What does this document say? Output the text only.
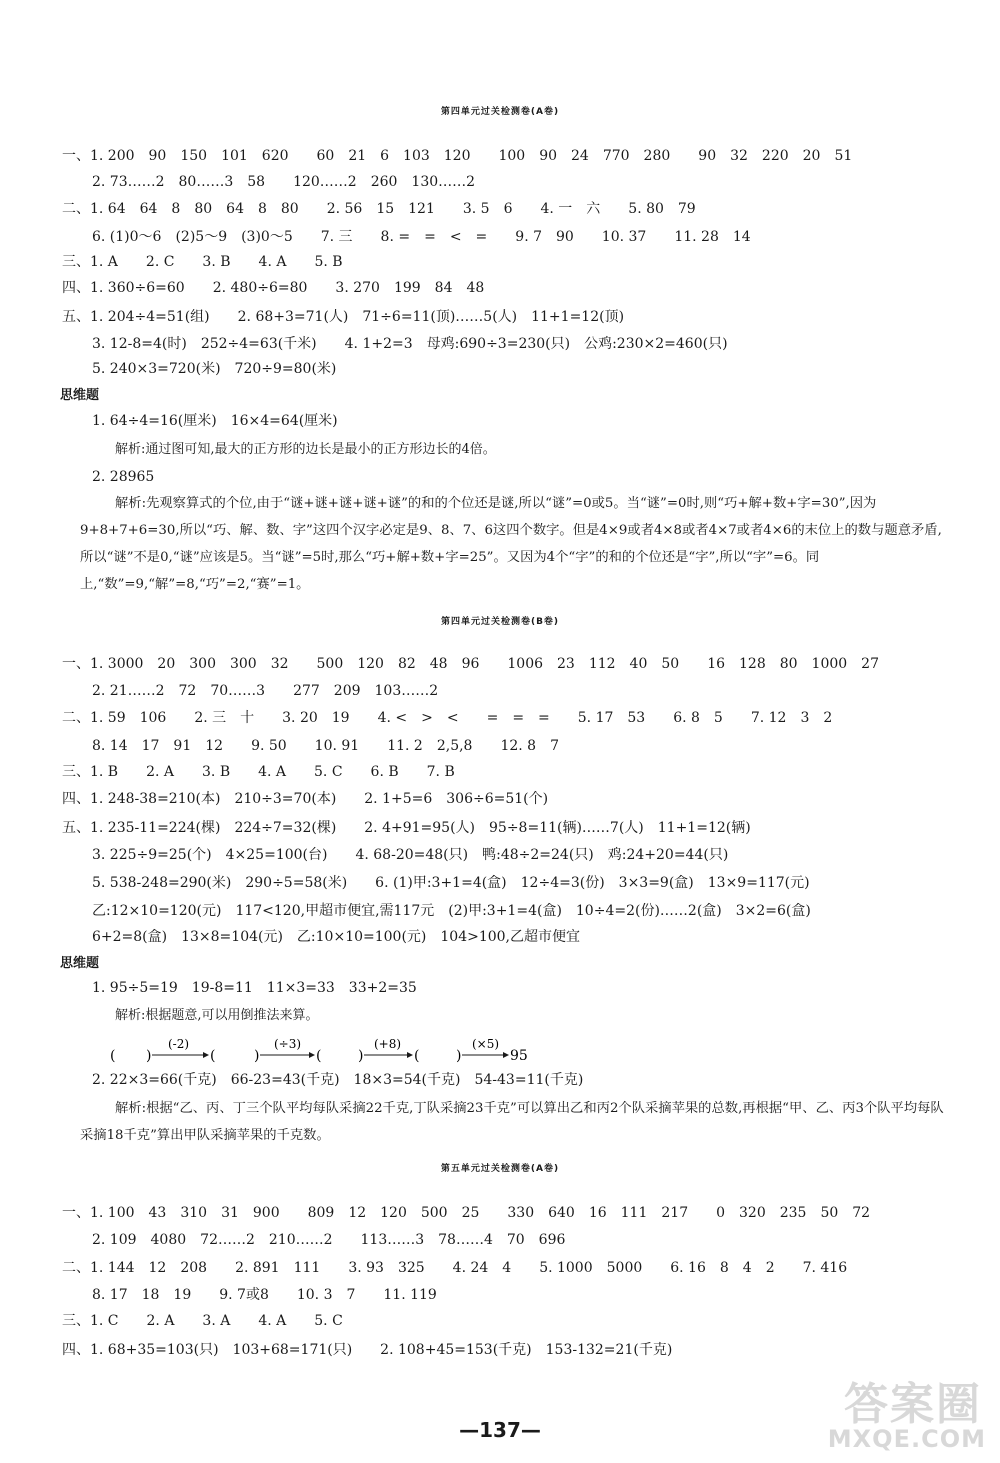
第四单元过关检测卷(A卷)
一、1. 200　90　150　101　620　　60　21　6　103　120　　100　90　24　770　280　　90　32　220　20　51
2. 73……2　80……3　58　　120……2　260　130……2
二、1. 64　64　8　80　64　8　80　　2. 56　15　121　　3. 5　6　　4. 一　六　　5. 80　79
6. (1)0～6　(2)5～9　(3)0～5　　7. 三　　8. =　=　<　=　　9. 7　90　　10. 37　　11. 28　14
三、1. A　　2. C　　3. B　　4. A　　5. B
四、1. 360÷6=60　　2. 480÷6=80　　3. 270　199　84　48
五、1. 204÷4=51(组)　　2. 68+3=71(人)　71÷6=11(顶)……5(人)　11+1=12(顶)
3. 12-8=4(时)　252÷4=63(千米)　　4. 1+2=3　母鸡:690÷3=230(只)　公鸡:230×2=460(只)
5. 240×3=720(米)　720÷9=80(米)
思维题
1. 64÷4=16(厘米)　16×4=64(厘米)
解析:通过图可知,最大的正方形的边长是最小的正方形边长的4倍。
2. 28965
解析:先观察算式的个位,由于“谜+谜+谜+谜+谜”的和的个位还是谜,所以“谜”=0或5。当“谜”=0时,则“巧+解+数+字=30”,因为9+8+7+6=30,所以“巧、解、数、字”这四个汉字必定是9、8、7、6这四个数字。但是4×9或者4×8或者4×7或者4×6的末位上的数与题意矛盾,所以“谜”不是0,“谜”应该是5。当“谜”=5时,那么“巧+解+数+字=25”。又因为4个“字”的和的个位还是“字”,所以“字”=6。同上,“数”=9,“解”=8,“巧”=2,“赛”=1。
第四单元过关检测卷(B卷)
一、1. 3000　20　300　300　32　　500　120　82　48　96　　1006　23　112　40　50　　16　128　80　1000　27
2. 21……2　72　70……3　　277　209　103……2
二、1. 59　106　　2. 三　十　　3. 20　19　　4. <　>　<　　=　=　=　　5. 17　53　　6. 8　5　　7. 12　3　2
8. 14　17　91　12　　9. 50　　10. 91　　11. 2　2,5,8　　12. 8　7
三、1. B　　2. A　　3. B　　4. A　　5. C　　6. B　　7. B
四、1. 248-38=210(本)　210÷3=70(本)　　2. 1+5=6　306÷6=51(个)
五、1. 235-11=224(棵)　224÷7=32(棵)　　2. 4+91=95(人)　95÷8=11(辆)……7(人)　11+1=12(辆)
3. 225÷9=25(个)　4×25=100(台)　　4. 68-20=48(只)　鸭:48÷2=24(只)　鸡:24+20=44(只)
5. 538-248=290(米)　290÷5=58(米)　　6. (1)甲:3+1=4(盒)　12÷4=3(份)　3×3=9(盒)　13×9=117(元)
乙:12×10=120(元)　117<120,甲超市便宜,需117元　(2)甲:3+1=4(盒)　10÷4=2(份)……2(盒)　3×2=6(盒)
6+2=8(盒)　13×8=104(元)　乙:10×10=100(元)　104>100,乙超市便宜
思维题
1. 95÷5=19　19-8=11　11×3=33　33+2=35
解析:根据题意,可以用倒推法来算。
( )
(-2)
(	)
(÷3)
(	)
(+8)
(	)
(×5)
95
2. 22×3=66(千克)　66-23=43(千克)　18×3=54(千克)　54-43=11(千克)
解析:根据“乙、丙、丁三个队平均每队采摘22千克,丁队采摘23千克”可以算出乙和丙2个队采摘苹果的总数,再根据“甲、乙、丙3个队平均每队采摘18千克”算出甲队采摘苹果的千克数。
第五单元过关检测卷(A卷)
一、1. 100　43　310　31　900　　809　12　120　500　25　　330　640　16　111　217　　0　320　235　50　72
2. 109　4080　72……2　210……2　　113……3　78……4　70　696
二、1. 144　12　208　　2. 891　111　　3. 93　325　　4. 24　4　　5. 1000　5000　　6. 16　8　4　2　　7. 416
8. 17　18　19　　9. 7或8　　10. 3　7　　11. 119
三、1. C　　2. A　　3. A　　4. A　　5. C
四、1. 68+35=103(只)　103+68=171(只)　　2. 108+45=153(千克)　153-132=21(千克)
—137—	答案圈
MXQE.COM
